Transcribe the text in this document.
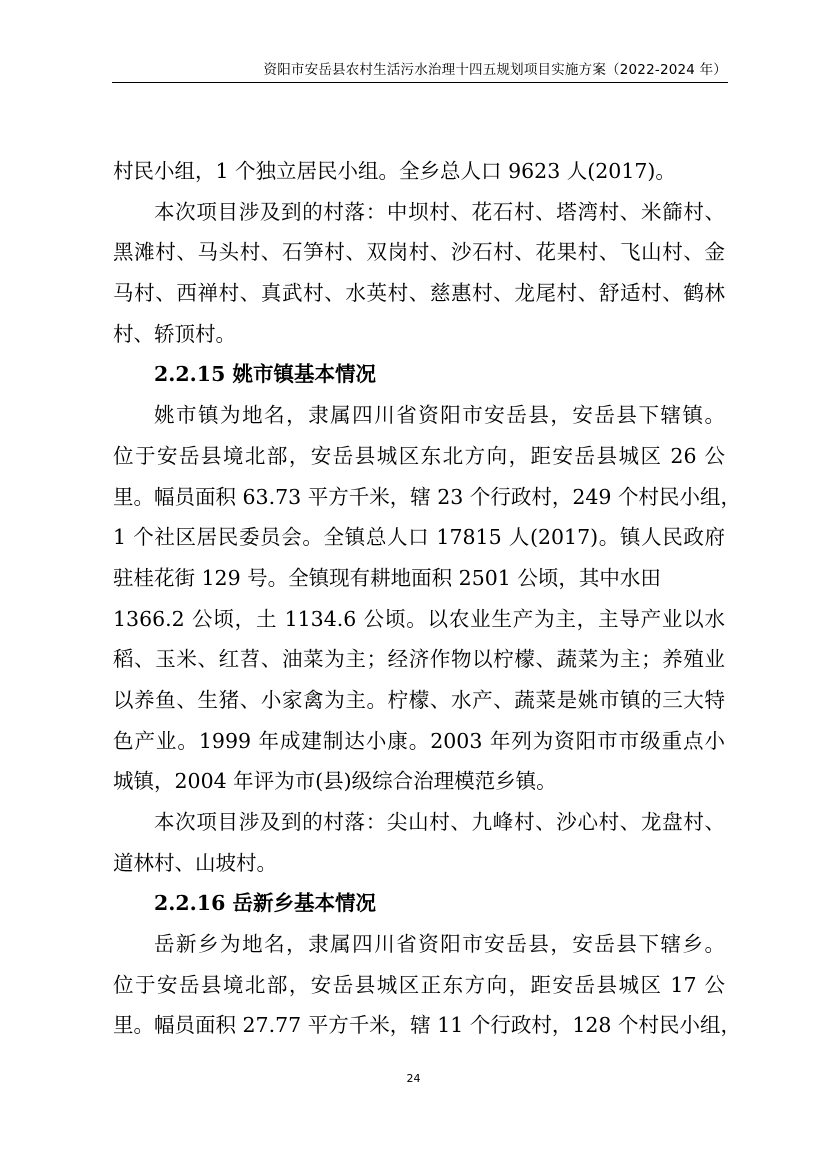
资阳市安岳县农村生活污水治理十四五规划项目实施方案（2022-2024 年）
村民小组，1 个独立居民小组。全乡总人口 9623 人(2017)。
本次项目涉及到的村落：中坝村、花石村、塔湾村、米篩村、
黑滩村、马头村、石笋村、双岗村、沙石村、花果村、飞山村、金
马村、西禅村、真武村、水英村、慈惠村、龙尾村、舒适村、鹤林
村、轿顶村。
2.2.15 姚市镇基本情况
姚市镇为地名，隶属四川省资阳市安岳县，安岳县下辖镇。
位于安岳县境北部，安岳县城区东北方向，距安岳县城区 26 公
里。幅员面积 63.73 平方千米，辖 23 个行政村，249 个村民小组，
1 个社区居民委员会。全镇总人口 17815 人(2017)。镇人民政府
驻桂花街 129 号。全镇现有耕地面积 2501 公顷，其中水田
1366.2 公顷，土 1134.6 公顷。以农业生产为主，主导产业以水
稻、玉米、红苕、油菜为主；经济作物以柠檬、蔬菜为主；养殖业
以养鱼、生猪、小家禽为主。柠檬、水产、蔬菜是姚市镇的三大特
色产业。1999 年成建制达小康。2003 年列为资阳市市级重点小
城镇，2004 年评为市(县)级综合治理模范乡镇。
本次项目涉及到的村落：尖山村、九峰村、沙心村、龙盘村、
道林村、山坡村。
2.2.16 岳新乡基本情况
岳新乡为地名，隶属四川省资阳市安岳县，安岳县下辖乡。
位于安岳县境北部，安岳县城区正东方向，距安岳县城区 17 公
里。幅员面积 27.77 平方千米，辖 11 个行政村，128 个村民小组，
24
